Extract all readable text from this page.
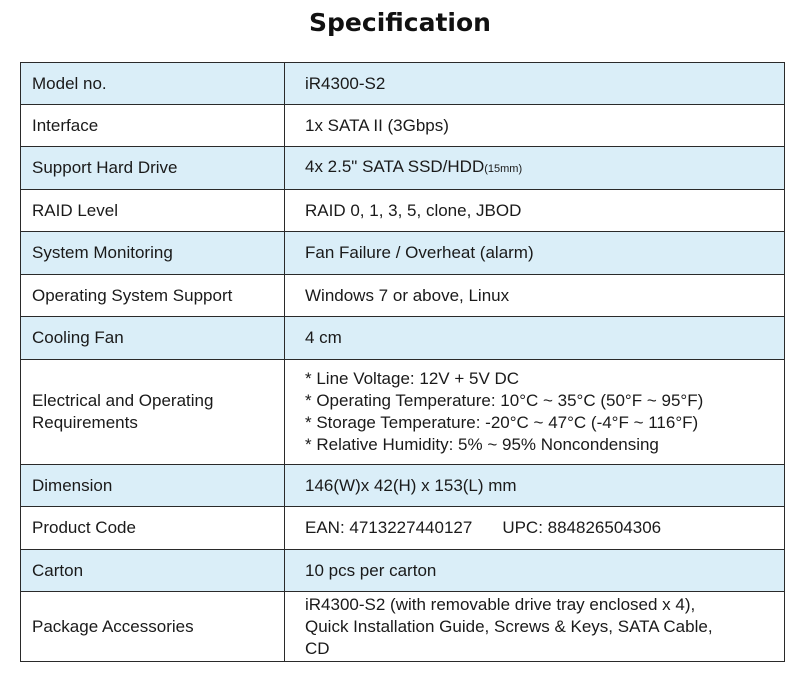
Specification
Model no.	iR4300-S2
Interface	1x SATA II (3Gbps)
Support Hard Drive	4x 2.5" SATA SSD/HDD(15mm)
RAID Level	RAID 0, 1, 3, 5, clone, JBOD
System Monitoring	Fan Failure / Overheat (alarm)
Operating System Support	Windows 7 or above, Linux
Cooling Fan	4 cm

Electrical and Operating
Requirements	* Line Voltage: 12V + 5V DC
* Operating Temperature: 10°C ~ 35°C (50°F ~ 95°F)
* Storage Temperature: -20°C ~ 47°C (-4°F ~ 116°F)
* Relative Humidity: 5% ~ 95% Noncondensing

Dimension	146(W)x 42(H) x 153(L) mm
Product Code	EAN: 4713227440127 UPC: 884826504306
Carton	10 pcs per carton
Package Accessories	iR4300-S2 (with removable drive tray enclosed x 4),
Quick Installation Guide, Screws & Keys, SATA Cable,
CD
